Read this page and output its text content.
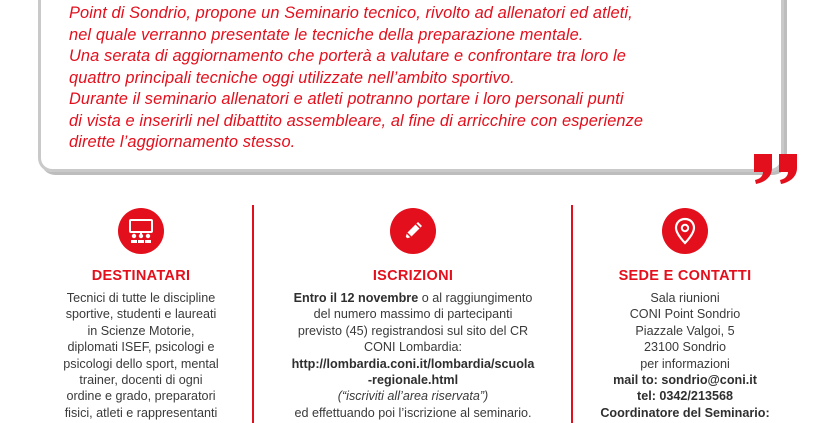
Point di Sondrio, propone un Seminario tecnico, rivolto ad allenatori ed atleti,

nel quale verranno presentate le tecniche della preparazione mentale.

Una serata di aggiornamento che porterà a valutare e confrontare tra loro le

quattro principali tecniche oggi utilizzate nell’ambito sportivo.

Durante il seminario allenatori e atleti potranno portare i loro personali punti

di vista e inserirli nel dibattito assembleare, al fine di arricchire con esperienze

dirette l’aggiornamento stesso.

DESTINATARI
Tecnici di tutte le discipline
sportive, studenti e laureati
in Scienze Motorie,
diplomati ISEF, psicologi e
psicologi dello sport, mental
trainer, docenti di ogni
ordine e grado, preparatori
fisici, atleti e rappresentanti
ISCRIZIONI
Entro il 12 novembre o al raggiungimento
del numero massimo di partecipanti
previsto (45) registrandosi sul sito del CR
CONI Lombardia:
http://lombardia.coni.it/lombardia/scuola
-regionale.html
(“iscriviti all’area riservata”)
ed effettuando poi l’iscrizione al seminario.
SEDE E CONTATTI
Sala riunioni
CONI Point Sondrio
Piazzale Valgoi, 5
23100 Sondrio
per informazioni
mail to: sondrio@coni.it
tel: 0342/213568
Coordinatore del Seminario:
